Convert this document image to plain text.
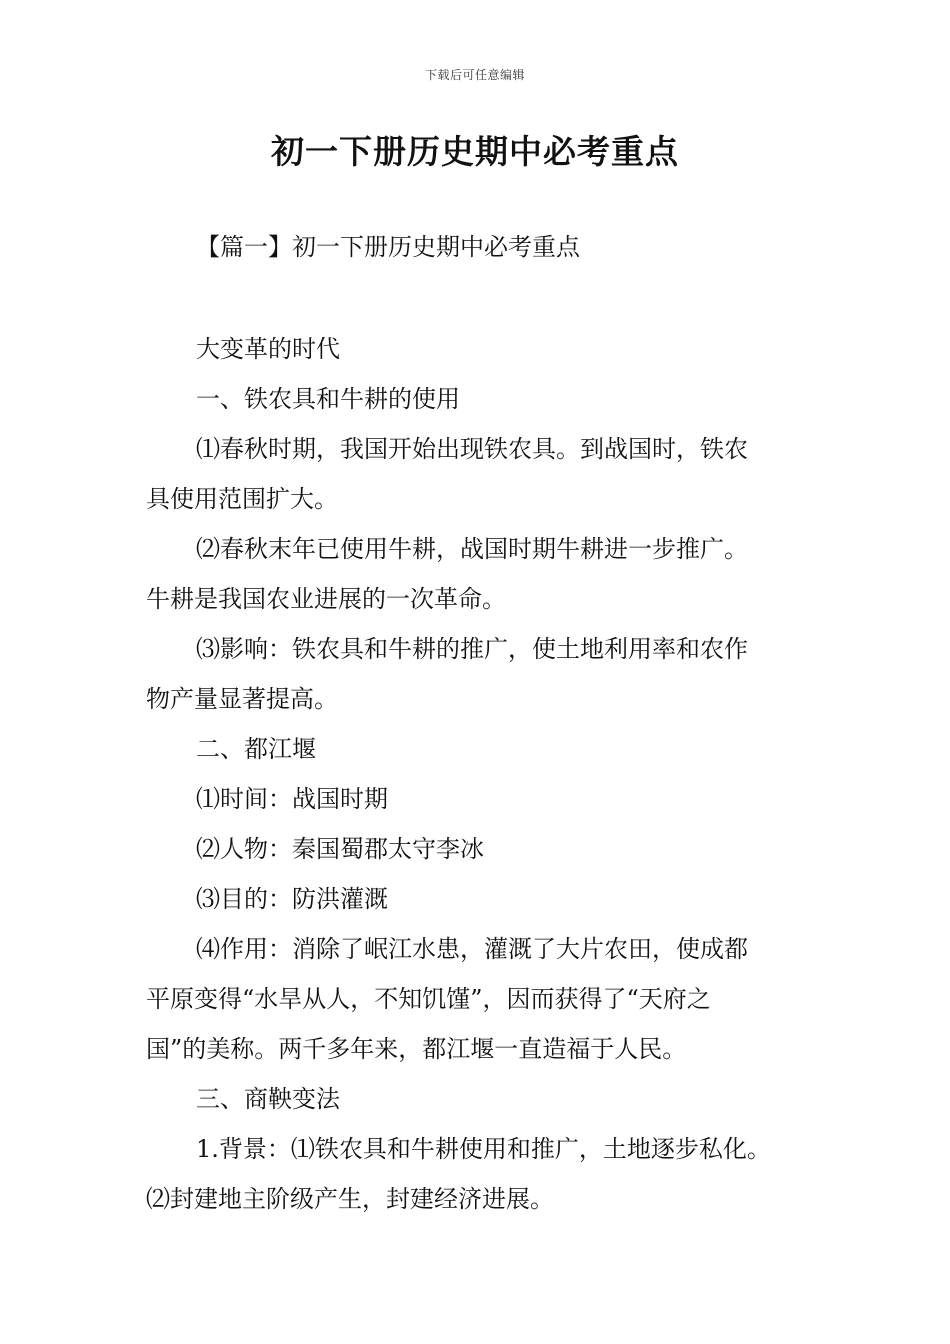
下载后可任意编辑
初一下册历史期中必考重点
【篇一】初一下册历史期中必考重点
大变革的时代
一、铁农具和牛耕的使用
⑴春秋时期，我国开始出现铁农具。到战国时，铁农
具使用范围扩大。
⑵春秋末年已使用牛耕，战国时期牛耕进一步推广。
牛耕是我国农业进展的一次革命。
⑶影响：铁农具和牛耕的推广，使土地利用率和农作
物产量显著提高。
二、都江堰
⑴时间：战国时期
⑵人物：秦国蜀郡太守李冰
⑶目的：防洪灌溉
⑷作用：消除了岷江水患，灌溉了大片农田，使成都
平原变得“水旱从人，不知饥馑”，因而获得了“天府之
国”的美称。两千多年来，都江堰一直造福于人民。
三、商鞅变法
1.背景：⑴铁农具和牛耕使用和推广，土地逐步私化。
⑵封建地主阶级产生，封建经济进展。
